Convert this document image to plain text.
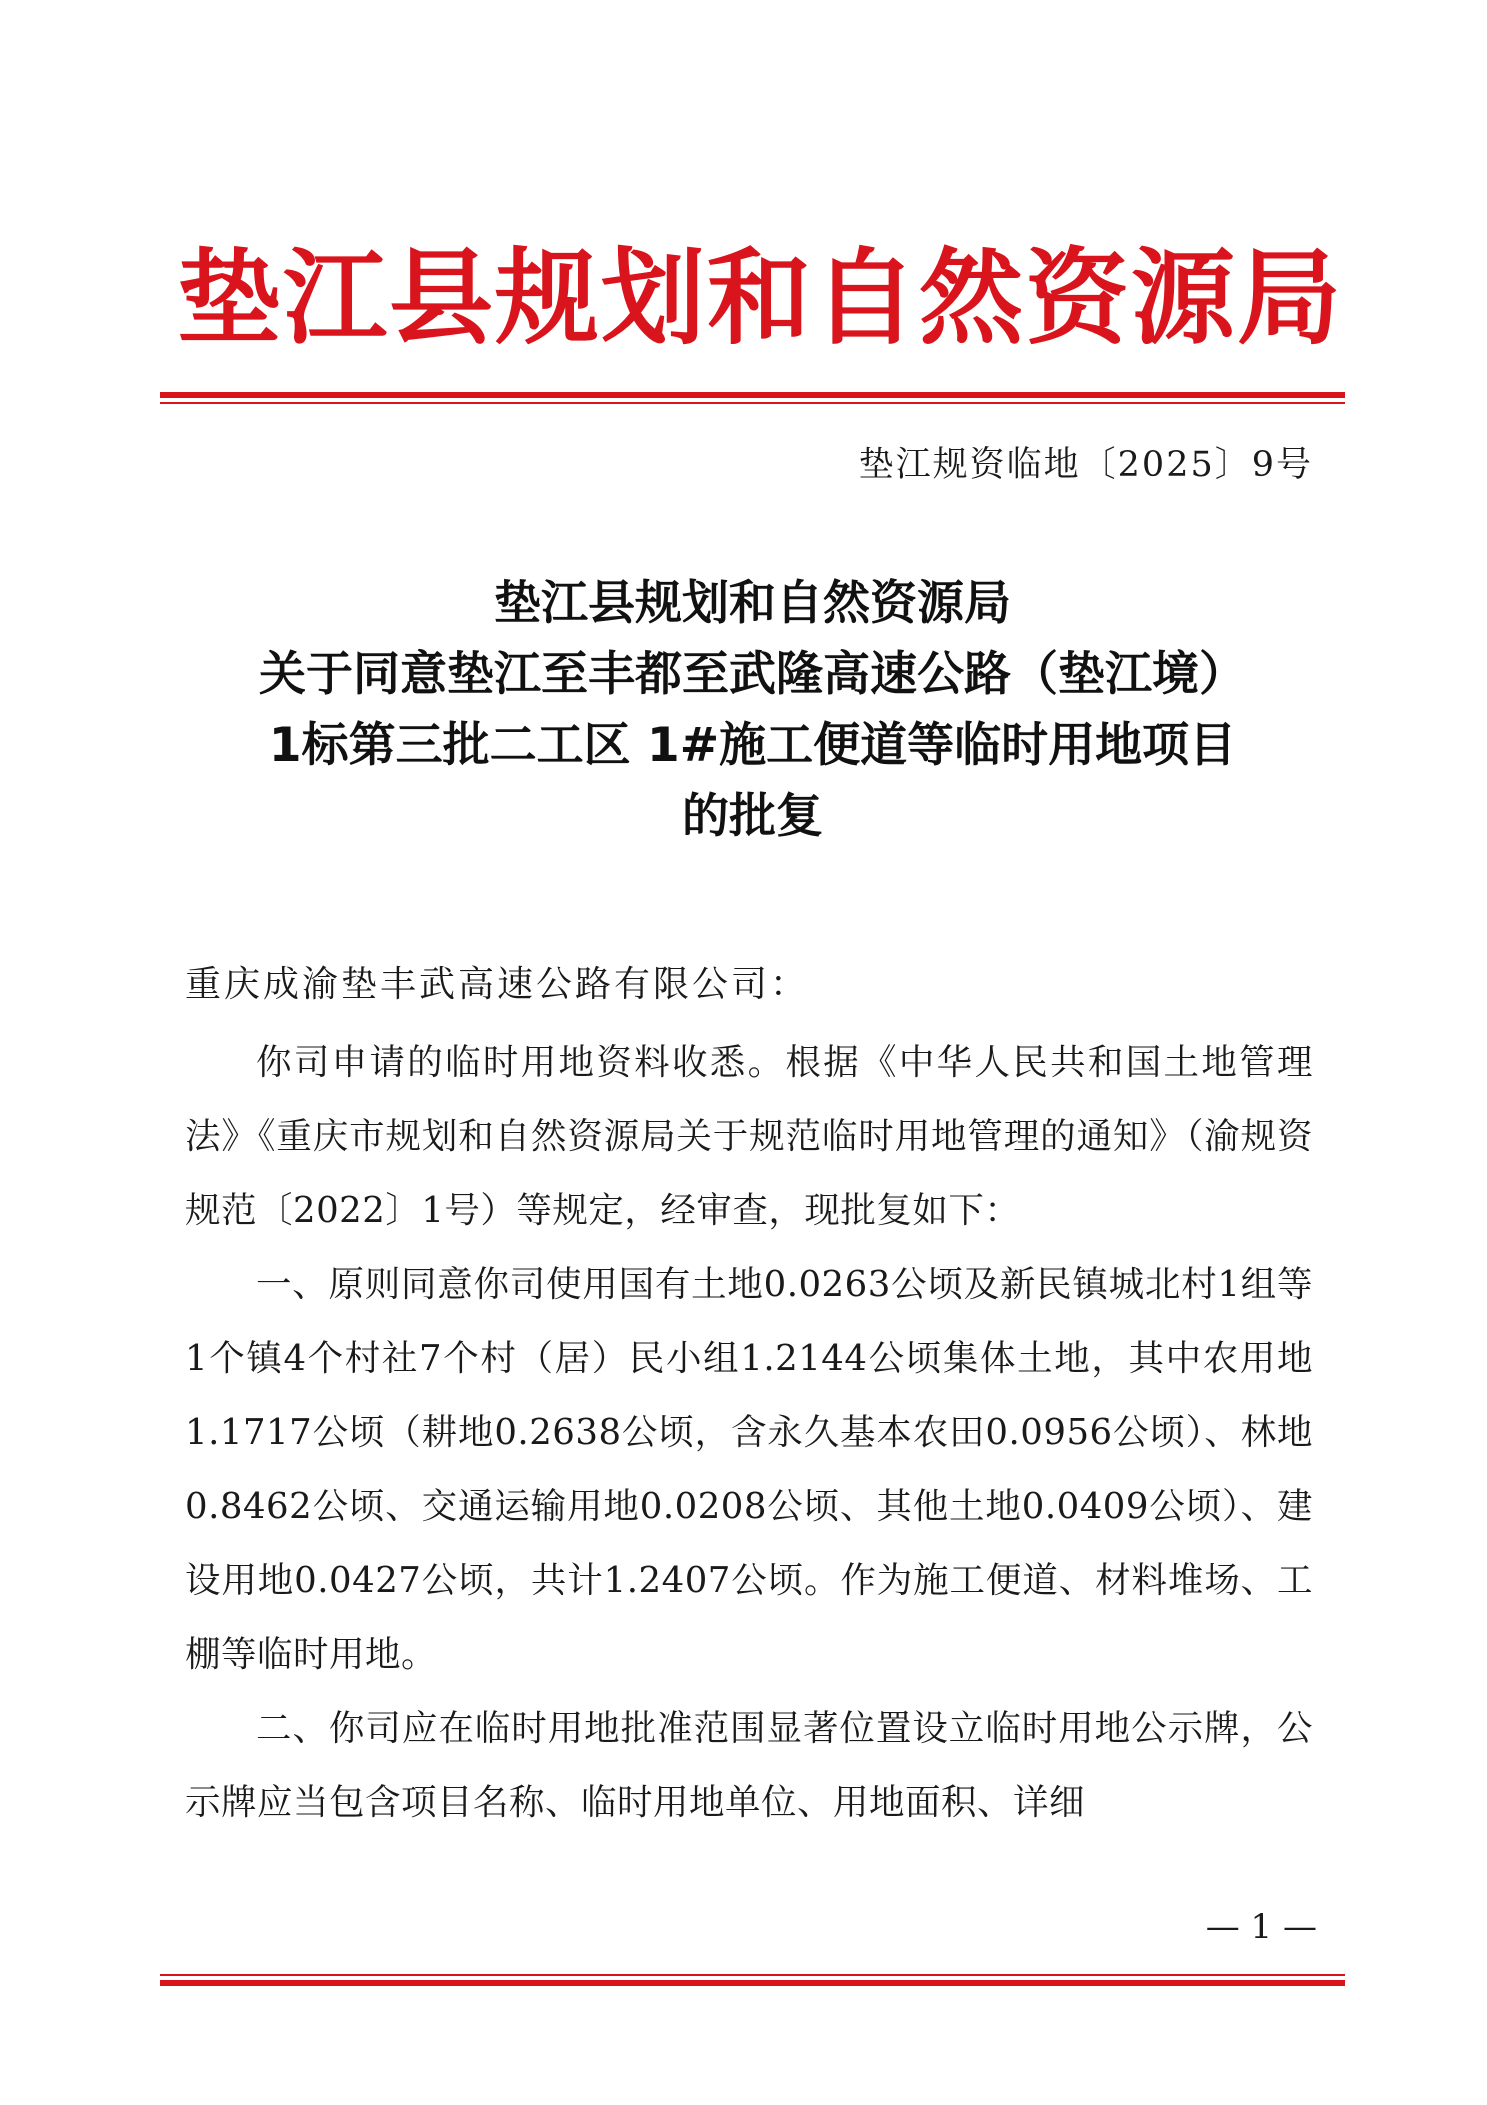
垫江县规划和自然资源局
垫江规资临地〔2025〕9号
垫江县规划和自然资源局
关于同意垫江至丰都至武隆高速公路（垫江境）
1标第三批二工区 1#施工便道等临时用地项目
的批复
重庆成渝垫丰武高速公路有限公司：

你司申请的临时用地资料收悉。根据《中华人民共和国土地管理法》《重庆市规划和自然资源局关于规范临时用地管理的通知》（渝规资规范〔2022〕1号）等规定，经审查，现批复如下：

一、原则同意你司使用国有土地0.0263公顷及新民镇城北村1组等1个镇4个村社7个村（居）民小组1.2144公顷集体土地，其中农用地1.1717公顷（耕地0.2638公顷，含永久基本农田0.0956公顷）、林地0.8462公顷、交通运输用地0.0208公顷、其他土地0.0409公顷）、建设用地0.0427公顷，共计1.2407公顷。作为施工便道、材料堆场、工棚等临时用地。

二、你司应在临时用地批准范围显著位置设立临时用地公示牌，公示牌应当包含项目名称、临时用地单位、用地面积、详细

— 1 —
